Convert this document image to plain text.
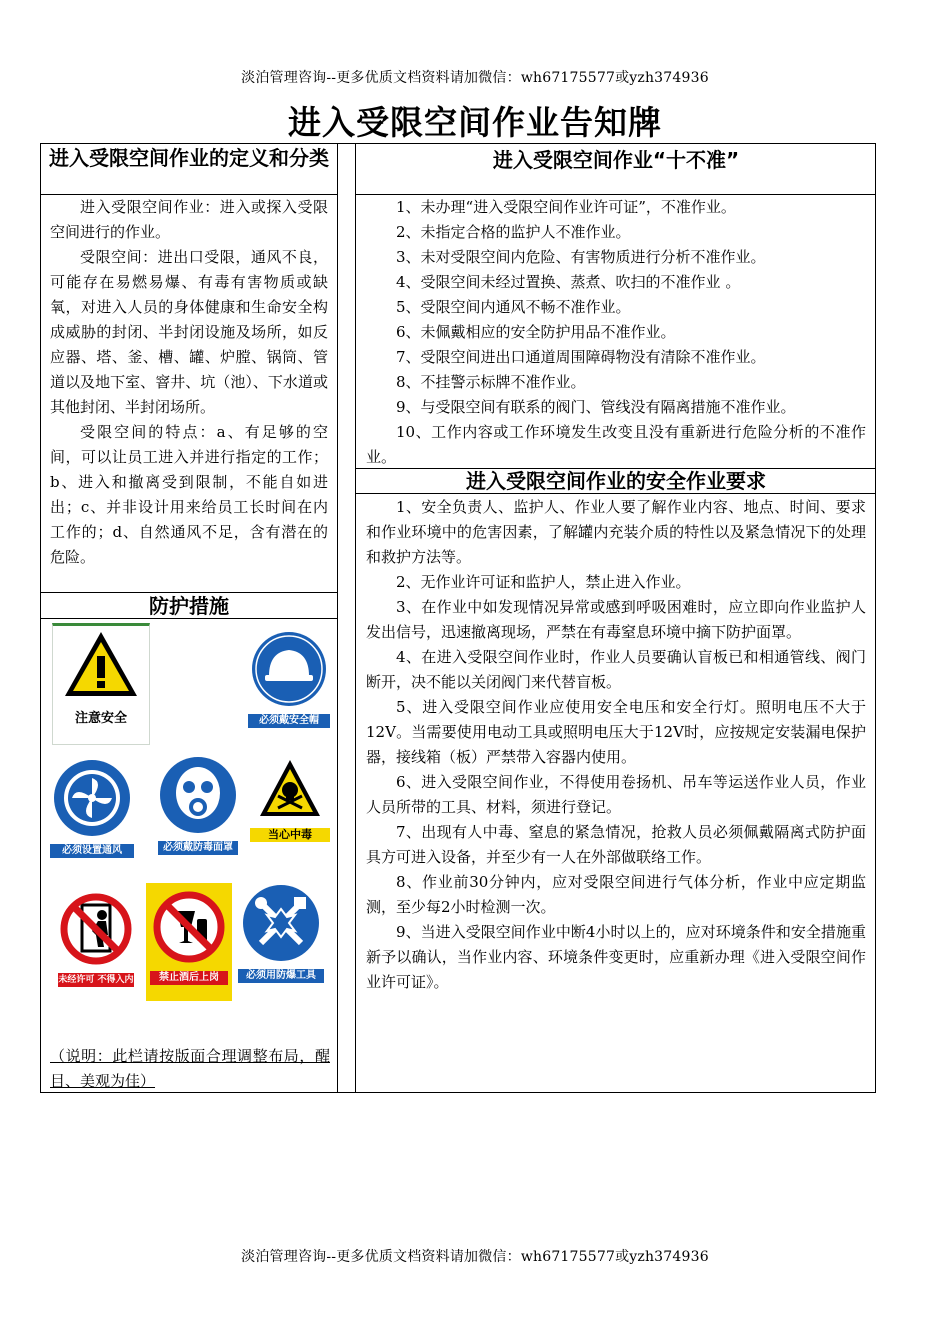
淡泊管理咨询--更多优质文档资料请加微信：wh67175577或yzh374936
进入受限空间作业告知牌
进入受限空间作业的定义和分类

进入受限空间作业：进入或探入受限空间进行的作业。

受限空间：进出口受限，通风不良，可能存在易燃易爆、有毒有害物质或缺氧，对进入人员的身体健康和生命安全构成威胁的封闭、半封闭设施及场所，如反应器、塔、釜、槽、罐、炉膛、锅筒、管道以及地下室、窨井、坑（池）、下水道或其他封闭、半封闭场所。

受限空间的特点：a、有足够的空间，可以让员工进入并进行指定的工作；b、进入和撤离受到限制，不能自如进出；c、并非设计用来给员工长时间在内工作的；d、自然通风不足，含有潜在的危险。

防护措施
注意安全	必须戴安全帽
必须设置通风	必须戴防毒面罩
当心中毒
未经许可 不得入内	禁止酒后上岗	必须用防爆工具
（说明：此栏请按版面合理调整布局，醒目、美观为佳）
进入受限空间作业“十不准”

1、未办理“进入受限空间作业许可证”，不准作业。

2、未指定合格的监护人不准作业。

3、未对受限空间内危险、有害物质进行分析不准作业。

4、受限空间未经过置换、蒸煮、吹扫的不准作业 。

5、受限空间内通风不畅不准作业。

6、未佩戴相应的安全防护用品不准作业。

7、受限空间进出口通道周围障碍物没有清除不准作业。

8、不挂警示标牌不准作业。

9、与受限空间有联系的阀门、管线没有隔离措施不准作业。

10、工作内容或工作环境发生改变且没有重新进行危险分析的不准作业。

进入受限空间作业的安全作业要求

1、安全负责人、监护人、作业人要了解作业内容、地点、时间、要求和作业环境中的危害因素，了解罐内充装介质的特性以及紧急情况下的处理和救护方法等。

2、无作业许可证和监护人，禁止进入作业。

3、在作业中如发现情况异常或感到呼吸困难时，应立即向作业监护人发出信号，迅速撤离现场，严禁在有毒窒息环境中摘下防护面罩。

4、在进入受限空间作业时，作业人员要确认盲板已和相通管线、阀门断开，决不能以关闭阀门来代替盲板。

5、进入受限空间作业应使用安全电压和安全行灯。照明电压不大于12V。当需要使用电动工具或照明电压大于12V时，应按规定安装漏电保护器，接线箱（板）严禁带入容器内使用。

6、进入受限空间作业，不得使用卷扬机、吊车等运送作业人员，作业人员所带的工具、材料，须进行登记。

7、出现有人中毒、窒息的紧急情况，抢救人员必须佩戴隔离式防护面具方可进入设备，并至少有一人在外部做联络工作。

8、作业前30分钟内，应对受限空间进行气体分析，作业中应定期监测，至少每2小时检测一次。

9、当进入受限空间作业中断4小时以上的，应对环境条件和安全措施重新予以确认，当作业内容、环境条件变更时，应重新办理《进入受限空间作业许可证》。

淡泊管理咨询--更多优质文档资料请加微信：wh67175577或yzh374936
